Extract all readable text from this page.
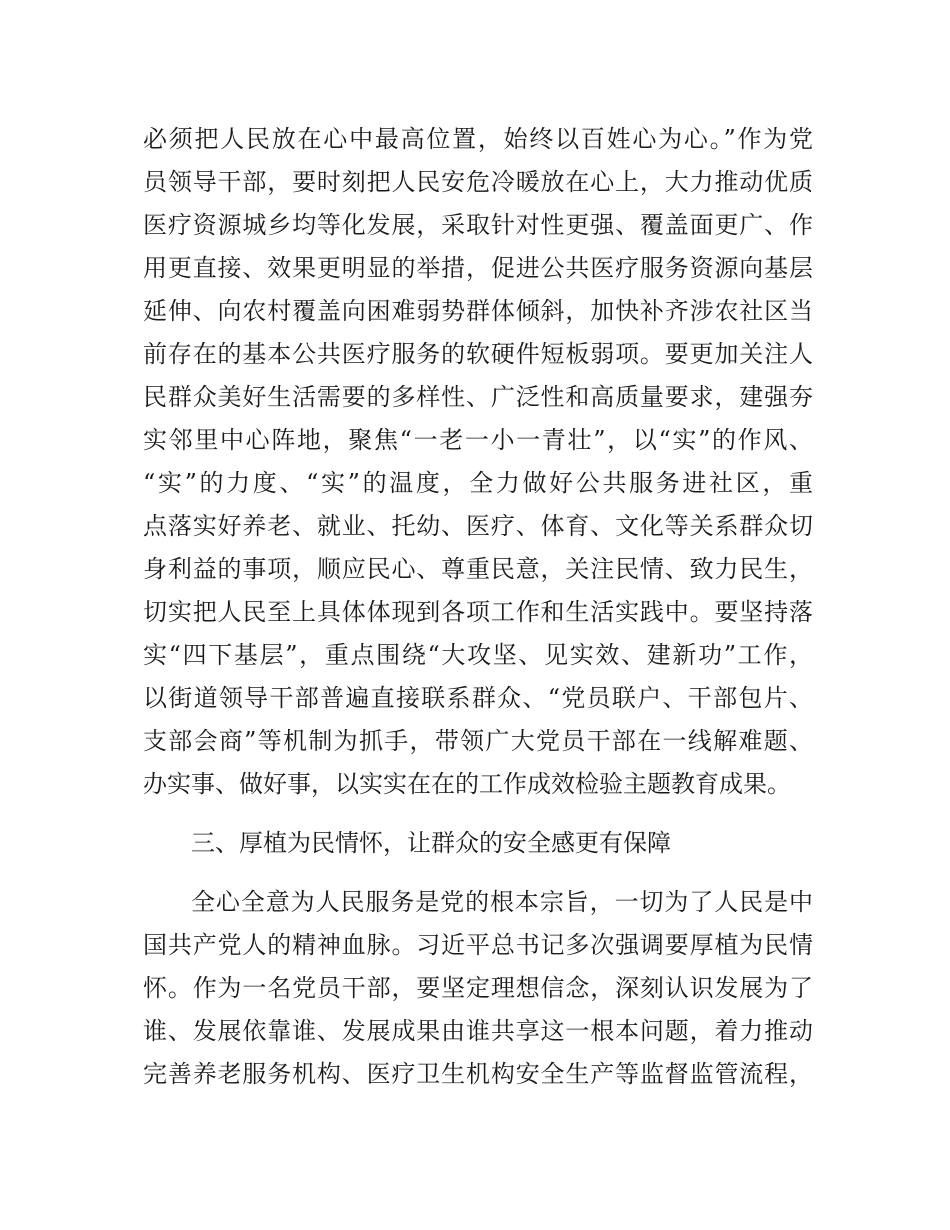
必须把人民放在心中最高位置，始终以百姓心为心。”作为党
员领导干部，要时刻把人民安危冷暖放在心上，大力推动优质
医疗资源城乡均等化发展，采取针对性更强、覆盖面更广、作
用更直接、效果更明显的举措，促进公共医疗服务资源向基层
延伸、向农村覆盖向困难弱势群体倾斜，加快补齐涉农社区当
前存在的基本公共医疗服务的软硬件短板弱项。要更加关注人
民群众美好生活需要的多样性、广泛性和高质量要求，建强夯
实邻里中心阵地，聚焦“一老一小一青壮”，以“实”的作风、
“实”的力度、“实”的温度，全力做好公共服务进社区，重
点落实好养老、就业、托幼、医疗、体育、文化等关系群众切
身利益的事项，顺应民心、尊重民意，关注民情、致力民生，
切实把人民至上具体体现到各项工作和生活实践中。要坚持落
实“四下基层”，重点围绕“大攻坚、见实效、建新功”工作，
以街道领导干部普遍直接联系群众、“党员联户、干部包片、
支部会商”等机制为抓手，带领广大党员干部在一线解难题、
办实事、做好事，以实实在在的工作成效检验主题教育成果。
三、厚植为民情怀，让群众的安全感更有保障
全心全意为人民服务是党的根本宗旨，一切为了人民是中
国共产党人的精神血脉。习近平总书记多次强调要厚植为民情
怀。作为一名党员干部，要坚定理想信念，深刻认识发展为了
谁、发展依靠谁、发展成果由谁共享这一根本问题，着力推动
完善养老服务机构、医疗卫生机构安全生产等监督监管流程，
